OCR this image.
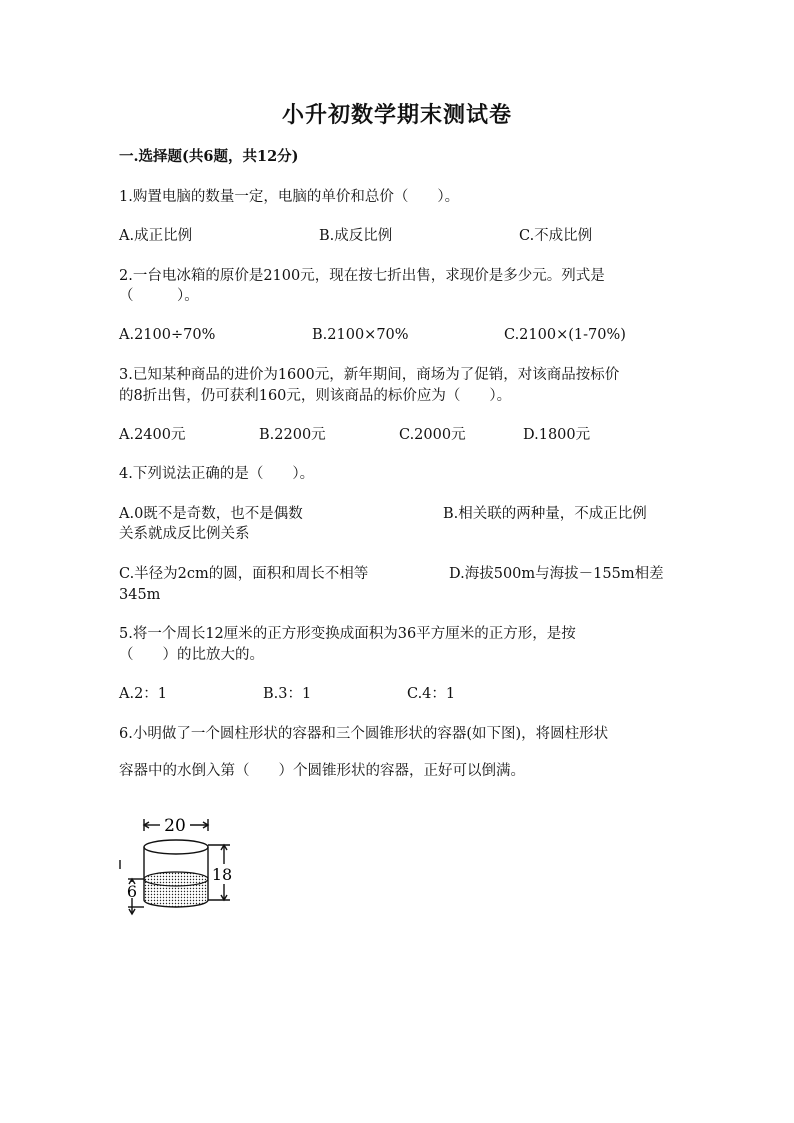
小升初数学期末测试卷
一.选择题(共6题，共12分)
1.购置电脑的数量一定，电脑的单价和总价（　　）。
A.成正比例	B.成反比例	C.不成比例
2.一台电冰箱的原价是2100元，现在按七折出售，求现价是多少元。列式是
（　　　）。
A.2100÷70%	B.2100×70%	C.2100×(1-70%)
3.已知某种商品的进价为1600元，新年期间，商场为了促销，对该商品按标价
的8折出售，仍可获利160元，则该商品的标价应为（　　）。
A.2400元	B.2200元	C.2000元	D.1800元
4.下列说法正确的是（　　）。
A.0既不是奇数，也不是偶数	B.相关联的两种量，不成正比例
关系就成反比例关系
C.半径为2cm的圆，面积和周长不相等	D.海拔500m与海拔－155m相差
345m
5.将一个周长12厘米的正方形变换成面积为36平方厘米的正方形，是按
（　　）的比放大的。
A.2：1	B.3：1	C.4：1
6.小明做了一个圆柱形状的容器和三个圆锥形状的容器(如下图)，将圆柱形状
容器中的水倒入第（　　）个圆锥形状的容器，正好可以倒满。
20
18
6
